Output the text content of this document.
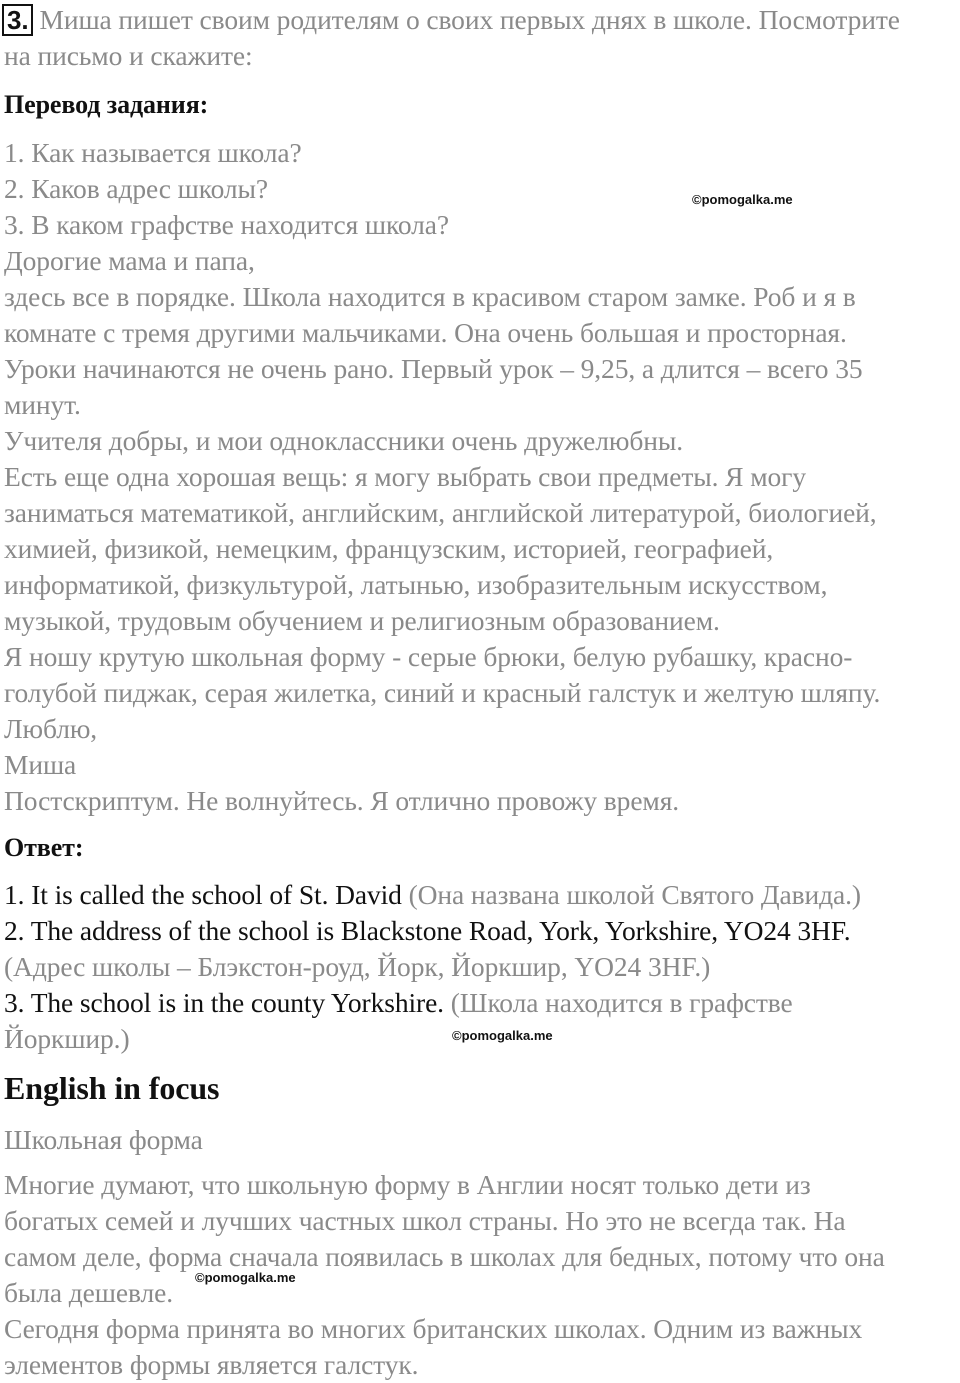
3. Миша пишет своим родителям о своих первых днях в школе. Посмотрите
на письмо и скажите:
Перевод задания:
1. Как называется школа?
2. Каков адрес школы?
3. В каком графстве находится школа?
Дорогие мама и папа,
здесь все в порядке. Школа находится в красивом старом замке. Роб и я в
комнате с тремя другими мальчиками. Она очень большая и просторная.
Уроки начинаются не очень рано. Первый урок – 9,25, а длится – всего 35
минут.
Учителя добры, и мои одноклассники очень дружелюбны.
Есть еще одна хорошая вещь: я могу выбрать свои предметы. Я могу
заниматься математикой, английским, английской литературой, биологией,
химией, физикой, немецким, французским, историей, географией,
информатикой, физкультурой, латынью, изобразительным искусством,
музыкой, трудовым обучением и религиозным образованием.
Я ношу крутую школьная форму - серые брюки, белую рубашку, красно-
голубой пиджак, серая жилетка, синий и красный галстук и желтую шляпу.
Люблю,
Миша
Постскриптум. Не волнуйтесь. Я отлично провожу время.
Ответ:
1. It is called the school of St. David (Она названа школой Святого Давида.)
2. The address of the school is Blackstone Road, York, Yorkshire, YO24 3HF.
(Адрес школы – Блэкстон-роуд, Йорк, Йоркшир, YO24 3HF.)
3. The school is in the county Yorkshire. (Школа находится в графстве
Йоркшир.)
English in focus
Школьная форма
Многие думают, что школьную форму в Англии носят только дети из
богатых семей и лучших частных школ страны. Но это не всегда так. На
самом деле, форма сначала появилась в школах для бедных, потому что она
была дешевле.
Сегодня форма принята во многих британских школах. Одним из важных
элементов формы является галстук.
©pomogalka.me
©pomogalka.me
©pomogalka.me
